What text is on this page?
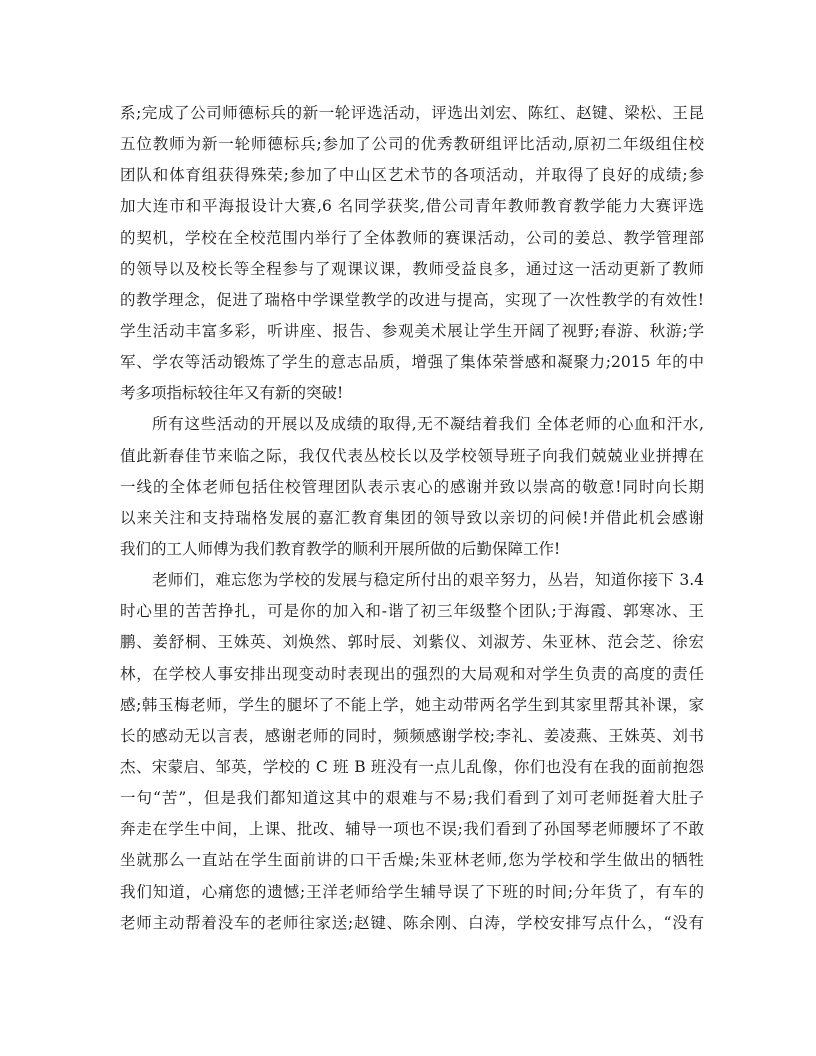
系;完成了公司师德标兵的新一轮评选活动，评选出刘宏、陈红、赵键、梁松、王昆
五位教师为新一轮师德标兵;参加了公司的优秀教研组评比活动,原初二年级组住校
团队和体育组获得殊荣;参加了中山区艺术节的各项活动，并取得了良好的成绩;参
加大连市和平海报设计大赛,6 名同学获奖,借公司青年教师教育教学能力大赛评选
的契机，学校在全校范围内举行了全体教师的赛课活动，公司的姜总、教学管理部
的领导以及校长等全程参与了观课议课，教师受益良多，通过这一活动更新了教师
的教学理念，促进了瑞格中学课堂教学的改进与提高，实现了一次性教学的有效性!
学生活动丰富多彩，听讲座、报告、参观美术展让学生开阔了视野;春游、秋游;学
军、学农等活动锻炼了学生的意志品质，增强了集体荣誉感和凝聚力;2015 年的中
考多项指标较往年又有新的突破!
所有这些活动的开展以及成绩的取得,无不凝结着我们 全体老师的心血和汗水,
值此新春佳节来临之际，我仅代表丛校长以及学校领导班子向我们兢兢业业拼搏在
一线的全体老师包括住校管理团队表示衷心的感谢并致以崇高的敬意!同时向长期
以来关注和支持瑞格发展的嘉汇教育集团的领导致以亲切的问候!并借此机会感谢
我们的工人师傅为我们教育教学的顺利开展所做的后勤保障工作!
老师们，难忘您为学校的发展与稳定所付出的艰辛努力，丛岩，知道你接下 3.4
时心里的苦苦挣扎，可是你的加入和-谐了初三年级整个团队;于海霞、郭寒冰、王
鹏、姜舒桐、王姝英、刘焕然、郭时辰、刘紫仪、刘淑芳、朱亚林、范会芝、徐宏
林，在学校人事安排出现变动时表现出的强烈的大局观和对学生负责的高度的责任
感;韩玉梅老师，学生的腿坏了不能上学，她主动带两名学生到其家里帮其补课，家
长的感动无以言表，感谢老师的同时，频频感谢学校;李礼、姜凌燕、王姝英、刘书
杰、宋蒙启、邹英，学校的 C 班 B 班没有一点儿乱像，你们也没有在我的面前抱怨
一句“苦”，但是我们都知道这其中的艰难与不易;我们看到了刘可老师挺着大肚子
奔走在学生中间，上课、批改、辅导一项也不误;我们看到了孙国琴老师腰坏了不敢
坐就那么一直站在学生面前讲的口干舌燥;朱亚林老师,您为学校和学生做出的牺牲
我们知道，心痛您的遗憾;王洋老师给学生辅导误了下班的时间;分年货了，有车的
老师主动帮着没车的老师往家送;赵键、陈余刚、白涛，学校安排写点什么，“没有
